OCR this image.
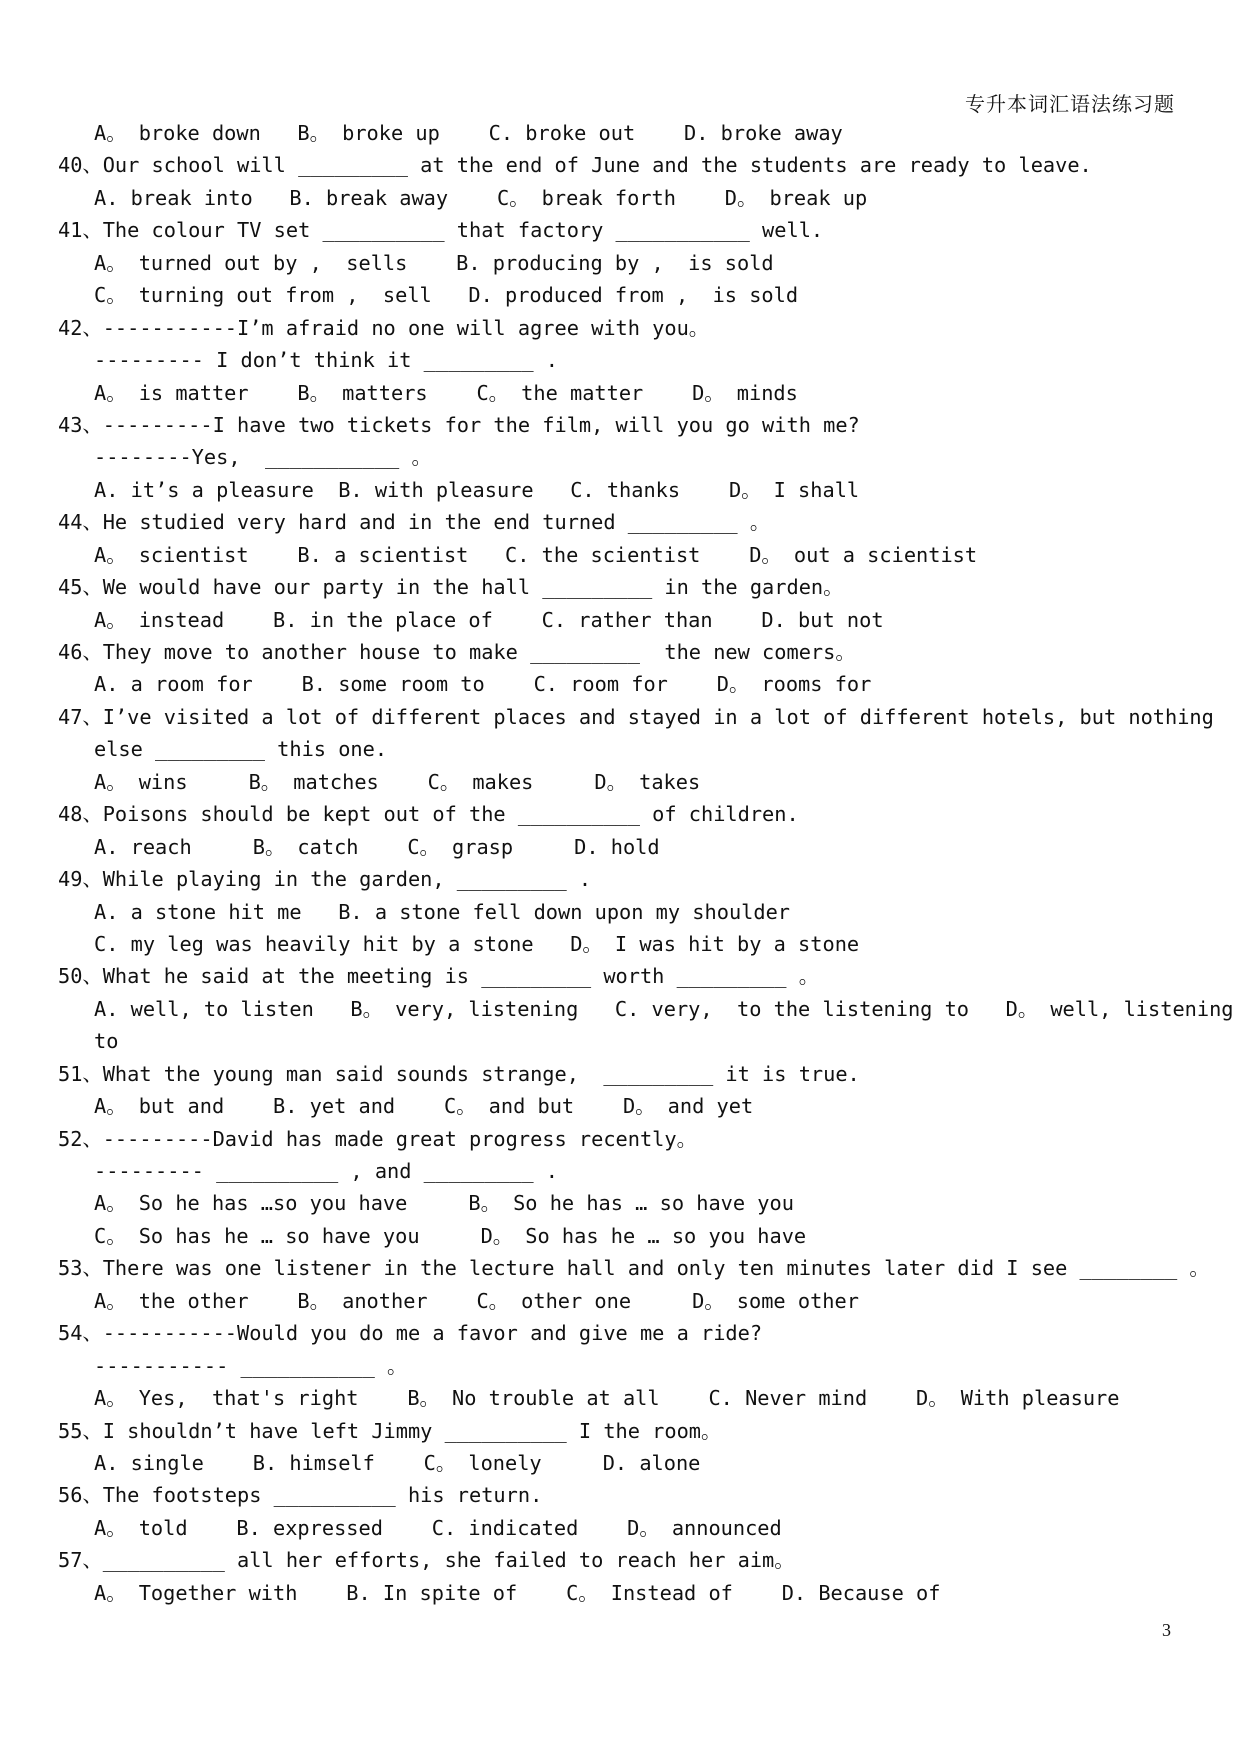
专升本词汇语法练习题
A。 broke down   B。 broke up    C. broke out    D. broke away
40、Our school will _________ at the end of June and the students are ready to leave.
A. break into   B. break away    C。 break forth    D。 break up
41、The colour TV set __________ that factory ___________ well.
A。 turned out by ,  sells    B. producing by ,  is sold
C。 turning out from ,  sell   D. produced from ,  is sold
42、-----------I’m afraid no one will agree with you。
--------- I don’t think it _________ .
A。 is matter    B。 matters    C。 the matter    D。 minds
43、---------I have two tickets for the film, will you go with me?
--------Yes,  ___________ 。
A. it’s a pleasure  B. with pleasure   C. thanks    D。 I shall
44、He studied very hard and in the end turned _________ 。
A。 scientist    B. a scientist   C. the scientist    D。 out a scientist
45、We would have our party in the hall _________ in the garden。
A。 instead    B. in the place of    C. rather than    D. but not
46、They move to another house to make _________  the new comers。
A. a room for    B. some room to    C. room for    D。 rooms for
47、I’ve visited a lot of different places and stayed in a lot of different hotels, but nothing
else _________ this one.
A。 wins     B。 matches    C。 makes     D。 takes
48、Poisons should be kept out of the __________ of children.
A. reach     B。 catch    C。 grasp     D. hold
49、While playing in the garden, _________ .
A. a stone hit me   B. a stone fell down upon my shoulder
C. my leg was heavily hit by a stone   D。 I was hit by a stone
50、What he said at the meeting is _________ worth _________ 。
A. well, to listen   B。 very, listening   C. very,  to the listening to   D。 well, listening
to
51、What the young man said sounds strange,  _________ it is true.
A。 but and    B. yet and    C。 and but    D。 and yet
52、---------David has made great progress recently。
--------- __________ , and _________ .
A。 So he has …so you have     B。 So he has … so have you
C。 So has he … so have you     D。 So has he … so you have
53、There was one listener in the lecture hall and only ten minutes later did I see ________ 。
A。 the other    B。 another    C。 other one     D。 some other
54、-----------Would you do me a favor and give me a ride?
----------- ___________ 。
A。 Yes,  that's right    B。 No trouble at all    C. Never mind    D。 With pleasure
55、I shouldn’t have left Jimmy __________ I the room。
A. single    B. himself    C。 lonely     D. alone
56、The footsteps __________ his return.
A。 told    B. expressed    C. indicated    D。 announced
57、__________ all her efforts, she failed to reach her aim。
A。 Together with    B. In spite of    C。 Instead of    D. Because of
3
